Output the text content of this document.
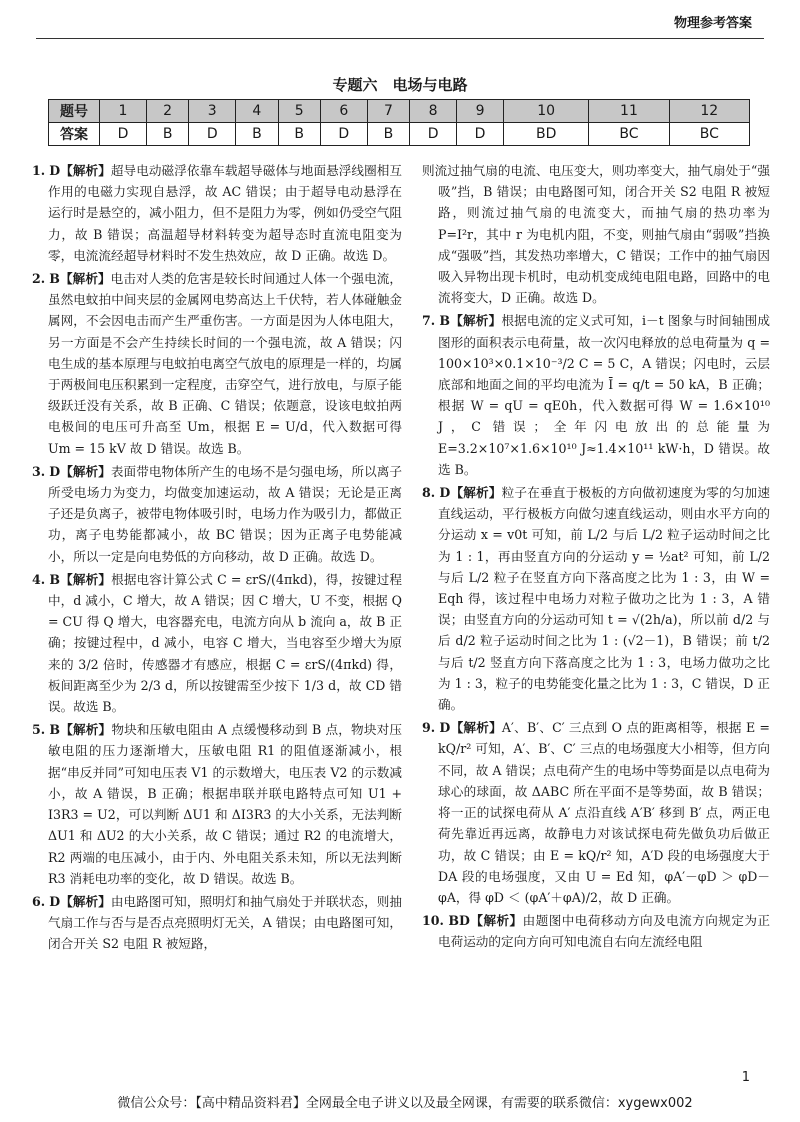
物理参考答案
专题六　电场与电路
题号	1	2	3	4	5	6	7	8	9	10	11	12
答案	D	B	D	B	B	D	B	D	D	BD	BC	BC

1. D【解析】超导电动磁浮依靠车载超导磁体与地面悬浮线圈相互作用的电磁力实现自悬浮，故 AC 错误；由于超导电动悬浮在运行时是悬空的，减小阻力，但不是阻力为零，例如仍受空气阻力，故 B 错误；高温超导材料转变为超导态时直流电阻变为零，电流流经超导材料时不发生热效应，故 D 正确。故选 D。

2. B【解析】电击对人类的危害是较长时间通过人体一个强电流，虽然电蚊拍中间夹层的金属网电势高达上千伏特，若人体碰触金属网，不会因电击而产生严重伤害。一方面是因为人体电阻大，另一方面是不会产生持续长时间的一个强电流，故 A 错误；闪电生成的基本原理与电蚊拍电离空气放电的原理是一样的，均属于两极间电压积累到一定程度，击穿空气，进行放电，与原子能级跃迁没有关系，故 B 正确、C 错误；依题意，设该电蚊拍两电极间的电压可升高至 Um，根据 E = U/d，代入数据可得 Um = 15 kV 故 D 错误。故选 B。

3. D【解析】表面带电物体所产生的电场不是匀强电场，所以离子所受电场力为变力，均做变加速运动，故 A 错误；无论是正离子还是负离子，被带电物体吸引时，电场力作为吸引力，都做正功，离子电势能都减小，故 BC 错误；因为正离子电势能减小，所以一定是向电势低的方向移动，故 D 正确。故选 D。

4. B【解析】根据电容计算公式 C = εrS/(4πkd)，得，按键过程中，d 减小，C 增大，故 A 错误；因 C 增大，U 不变，根据 Q = CU 得 Q 增大，电容器充电，电流方向从 b 流向 a，故 B 正确；按键过程中，d 减小，电容 C 增大，当电容至少增大为原来的 3/2 倍时，传感器才有感应，根据 C = εrS/(4πkd) 得，板间距离至少为 2/3 d，所以按键需至少按下 1/3 d，故 CD 错误。故选 B。

5. B【解析】物块和压敏电阻由 A 点缓慢移动到 B 点，物块对压敏电阻的压力逐渐增大，压敏电阻 R1 的阻值逐渐减小，根据“串反并同”可知电压表 V1 的示数增大，电压表 V2 的示数减小，故 A 错误，B 正确；根据串联并联电路特点可知 U1 + I3R3 = U2，可以判断 ΔU1 和 ΔI3R3 的大小关系，无法判断 ΔU1 和 ΔU2 的大小关系，故 C 错误；通过 R2 的电流增大，R2 两端的电压减小，由于内、外电阻关系未知，所以无法判断 R3 消耗电功率的变化，故 D 错误。故选 B。

6. D【解析】由电路图可知，照明灯和抽气扇处于并联状态，则抽气扇工作与否与是否点亮照明灯无关，A 错误；由电路图可知，闭合开关 S2 电阻 R 被短路，

则流过抽气扇的电流、电压变大，则功率变大，抽气扇处于“强吸”挡，B 错误；由电路图可知，闭合开关 S2 电阻 R 被短路，则流过抽气扇的电流变大，而抽气扇的热功率为 P=I²r，其中 r 为电机内阻，不变，则抽气扇由“弱吸”挡换成“强吸”挡，其发热功率增大，C 错误；工作中的抽气扇因吸入异物出现卡机时，电动机变成纯电阻电路，回路中的电流将变大，D 正确。故选 D。

7. B【解析】根据电流的定义式可知，i－t 图象与时间轴围成图形的面积表示电荷量，故一次闪电释放的总电荷量为 q = 100×10³×0.1×10⁻³/2 C = 5 C，A 错误；闪电时，云层底部和地面之间的平均电流为 Ī = q/t = 50 kA，B 正确；根据 W = qU = qE0h，代入数据可得 W = 1.6×10¹⁰ J，C 错误；全年闪电放出的总能量为 E=3.2×10⁷×1.6×10¹⁰ J≈1.4×10¹¹ kW·h，D 错误。故选 B。

8. D【解析】粒子在垂直于极板的方向做初速度为零的匀加速直线运动，平行极板方向做匀速直线运动，则由水平方向的分运动 x = v0t 可知，前 L/2 与后 L/2 粒子运动时间之比为 1 : 1，再由竖直方向的分运动 y = ½at² 可知，前 L/2 与后 L/2 粒子在竖直方向下落高度之比为 1 : 3，由 W = Eqh 得，该过程中电场力对粒子做功之比为 1 : 3，A 错误；由竖直方向的分运动可知 t = √(2h/a)，所以前 d/2 与后 d/2 粒子运动时间之比为 1 : (√2－1)，B 错误；前 t/2 与后 t/2 竖直方向下落高度之比为 1 : 3，电场力做功之比为 1 : 3，粒子的电势能变化量之比为 1 : 3，C 错误，D 正确。

9. D【解析】A′、B′、C′ 三点到 O 点的距离相等，根据 E = kQ/r² 可知，A′、B′、C′ 三点的电场强度大小相等，但方向不同，故 A 错误；点电荷产生的电场中等势面是以点电荷为球心的球面，故 ΔABC 所在平面不是等势面，故 B 错误；将一正的试探电荷从 A′ 点沿直线 A′B′ 移到 B′ 点，两正电荷先靠近再远离，故静电力对该试探电荷先做负功后做正功，故 C 错误；由 E = kQ/r² 知，A′D 段的电场强度大于 DA 段的电场强度，又由 U = Ed 知，φA′－φD ＞ φD－φA，得 φD ＜ (φA′＋φA)/2，故 D 正确。

10. BD【解析】由题图中电荷移动方向及电流方向规定为正电荷运动的定向方向可知电流自右向左流经电阻

1
微信公众号：【高中精品资料君】全网最全电子讲义以及最全网课，有需要的联系微信：xygewx002
